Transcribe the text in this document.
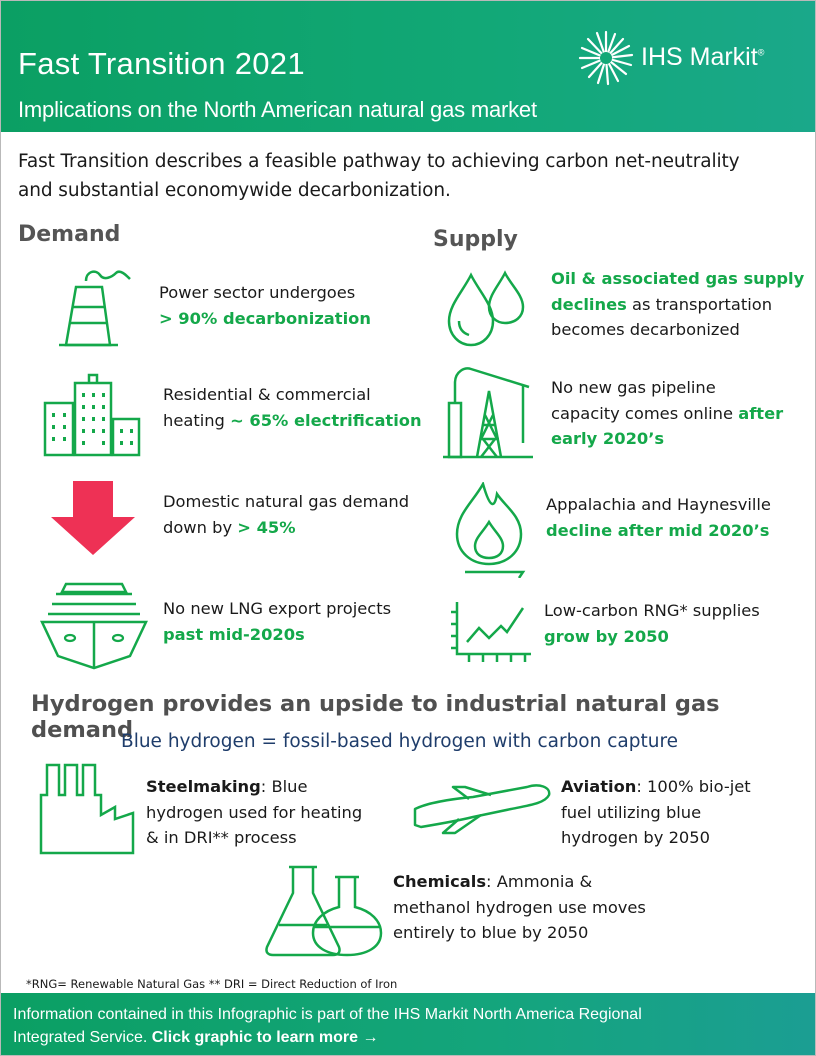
Fast Transition 2021
Implications on the North American natural gas market
IHS Markit®
Fast Transition describes a feasible pathway to achieving carbon net-neutrality
and substantial economywide decarbonization.
Demand
Power sector undergoes
> 90% decarbonization
Residential & commercial
heating ~ 65% electrification
Domestic natural gas demand
down by > 45%
No new LNG export projects
past mid-2020s
Supply
Oil & associated gas supply
declines as transportation
becomes decarbonized
No new gas pipeline
capacity comes online after
early 2020’s
Appalachia and Haynesville
decline after mid 2020’s
Low-carbon RNG* supplies
grow by 2050
Hydrogen provides an upside to industrial natural gas demand
Blue hydrogen = fossil-based hydrogen with carbon capture
Steelmaking: Blue
hydrogen used for heating
& in DRI** process
Aviation: 100% bio-jet
fuel utilizing blue
hydrogen by 2050
Chemicals: Ammonia &
methanol hydrogen use moves
entirely to blue by 2050
*RNG= Renewable Natural Gas ** DRI = Direct Reduction of Iron
Information contained in this Infographic is part of the IHS Markit North America Regional
Integrated Service. Click graphic to learn more →
